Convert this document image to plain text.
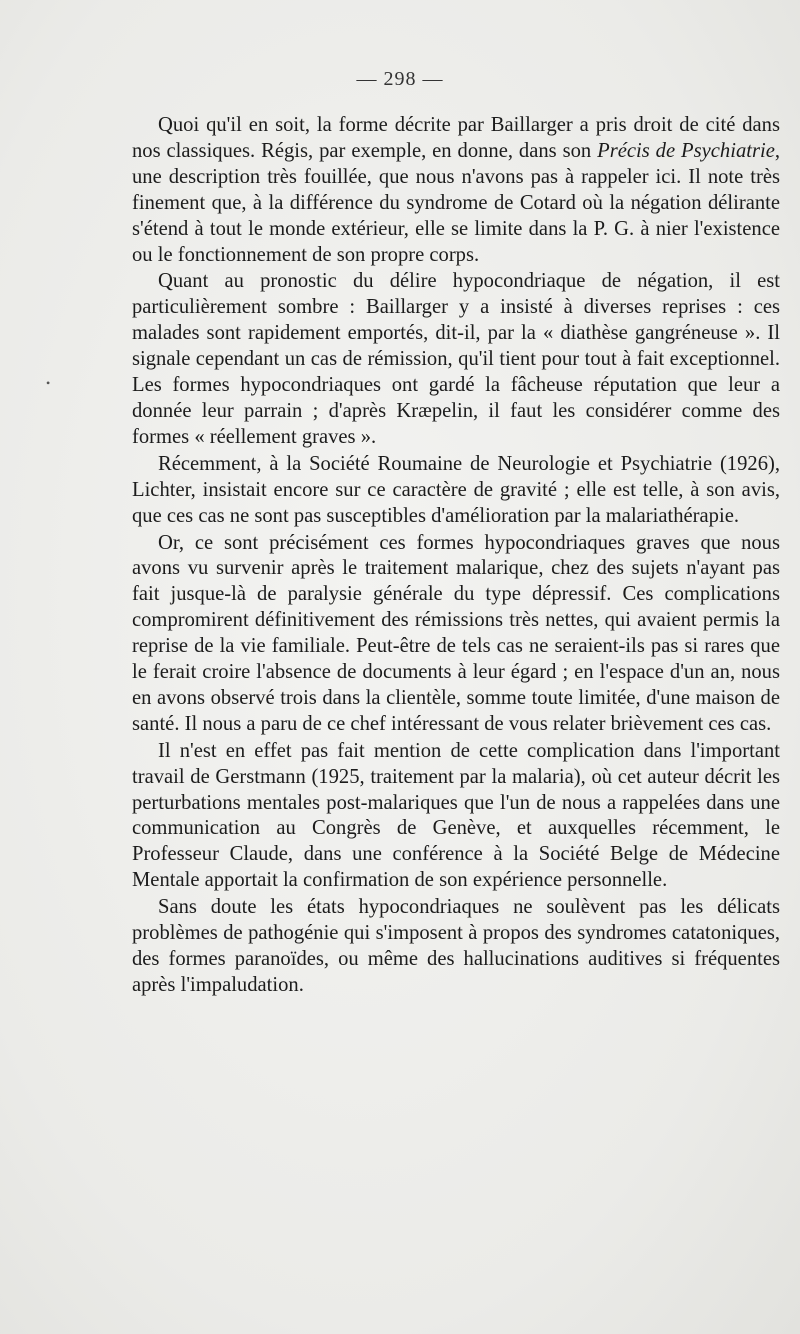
— 298 —

Quoi qu'il en soit, la forme décrite par Baillarger a pris droit de cité dans nos classiques. Régis, par exemple, en donne, dans son Précis de Psychiatrie, une description très fouillée, que nous n'avons pas à rappeler ici. Il note très finement que, à la différence du syndrome de Cotard où la négation délirante s'étend à tout le monde extérieur, elle se limite dans la P. G. à nier l'existence ou le fonctionnement de son propre corps.

Quant au pronostic du délire hypocondriaque de négation, il est particulièrement sombre : Baillarger y a insisté à diverses reprises : ces malades sont rapidement emportés, dit-il, par la « diathèse gangréneuse ». Il signale cependant un cas de rémission, qu'il tient pour tout à fait exceptionnel. Les formes hypocondriaques ont gardé la fâcheuse réputation que leur a donnée leur parrain ; d'après Kræpelin, il faut les considérer comme des formes « réellement graves ».

Récemment, à la Société Roumaine de Neurologie et Psychiatrie (1926), Lichter, insistait encore sur ce caractère de gravité ; elle est telle, à son avis, que ces cas ne sont pas susceptibles d'amélioration par la malariathérapie.

Or, ce sont précisément ces formes hypocondriaques graves que nous avons vu survenir après le traitement malarique, chez des sujets n'ayant pas fait jusque-là de paralysie générale du type dépressif. Ces complications compromirent définitivement des rémissions très nettes, qui avaient permis la reprise de la vie familiale. Peut-être de tels cas ne seraient-ils pas si rares que le ferait croire l'absence de documents à leur égard ; en l'espace d'un an, nous en avons observé trois dans la clientèle, somme toute limitée, d'une maison de santé. Il nous a paru de ce chef intéressant de vous relater brièvement ces cas.

Il n'est en effet pas fait mention de cette complication dans l'important travail de Gerstmann (1925, traitement par la malaria), où cet auteur décrit les perturbations mentales post-malariques que l'un de nous a rappelées dans une communication au Congrès de Genève, et auxquelles récemment, le Professeur Claude, dans une conférence à la Société Belge de Médecine Mentale apportait la confirmation de son expérience personnelle.

Sans doute les états hypocondriaques ne soulèvent pas les délicats problèmes de pathogénie qui s'imposent à propos des syndromes catatoniques, des formes paranoïdes, ou même des hallucinations auditives si fréquentes après l'impaludation.

•
